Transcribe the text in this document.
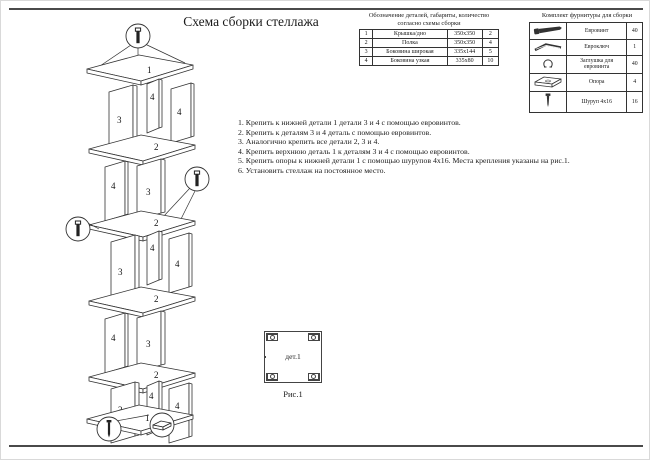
Схема сборки стеллажа
1
4
4
3
2
4
3
2
4
4
3
2
4
3
2
4
4
1
Обозначение деталей, габариты, количество
согласно схемы сборки
1	Крышка/дно	350x350	2
2	Полка	350x350	4
3	Боковина широкая	335x144	5
4	Боковина узкая	335x80	10
Комплект фурнитуры для сборки
	Евровинт	40
	Евроключ	1
	Заглушка для евровинта	40
	Опора	4
	Шуруп 4x16	16
1. Крепить к нижней детали 1 детали 3 и 4 с помощью евровинтов.
2. Крепить к деталям 3 и 4 деталь с помощью евровинтов.
3. Аналогично крепить все детали 2, 3 и 4.
4. Крепить верхнюю деталь 1 к деталям 3 и 4 с помощью евровинтов.
5. Крепить опоры к нижней детали 1 с помощью шурупов 4x16. Места крепления указаны на рис.1.
6. Установить стеллаж на постоянное место.
дет.1
Рис.1
